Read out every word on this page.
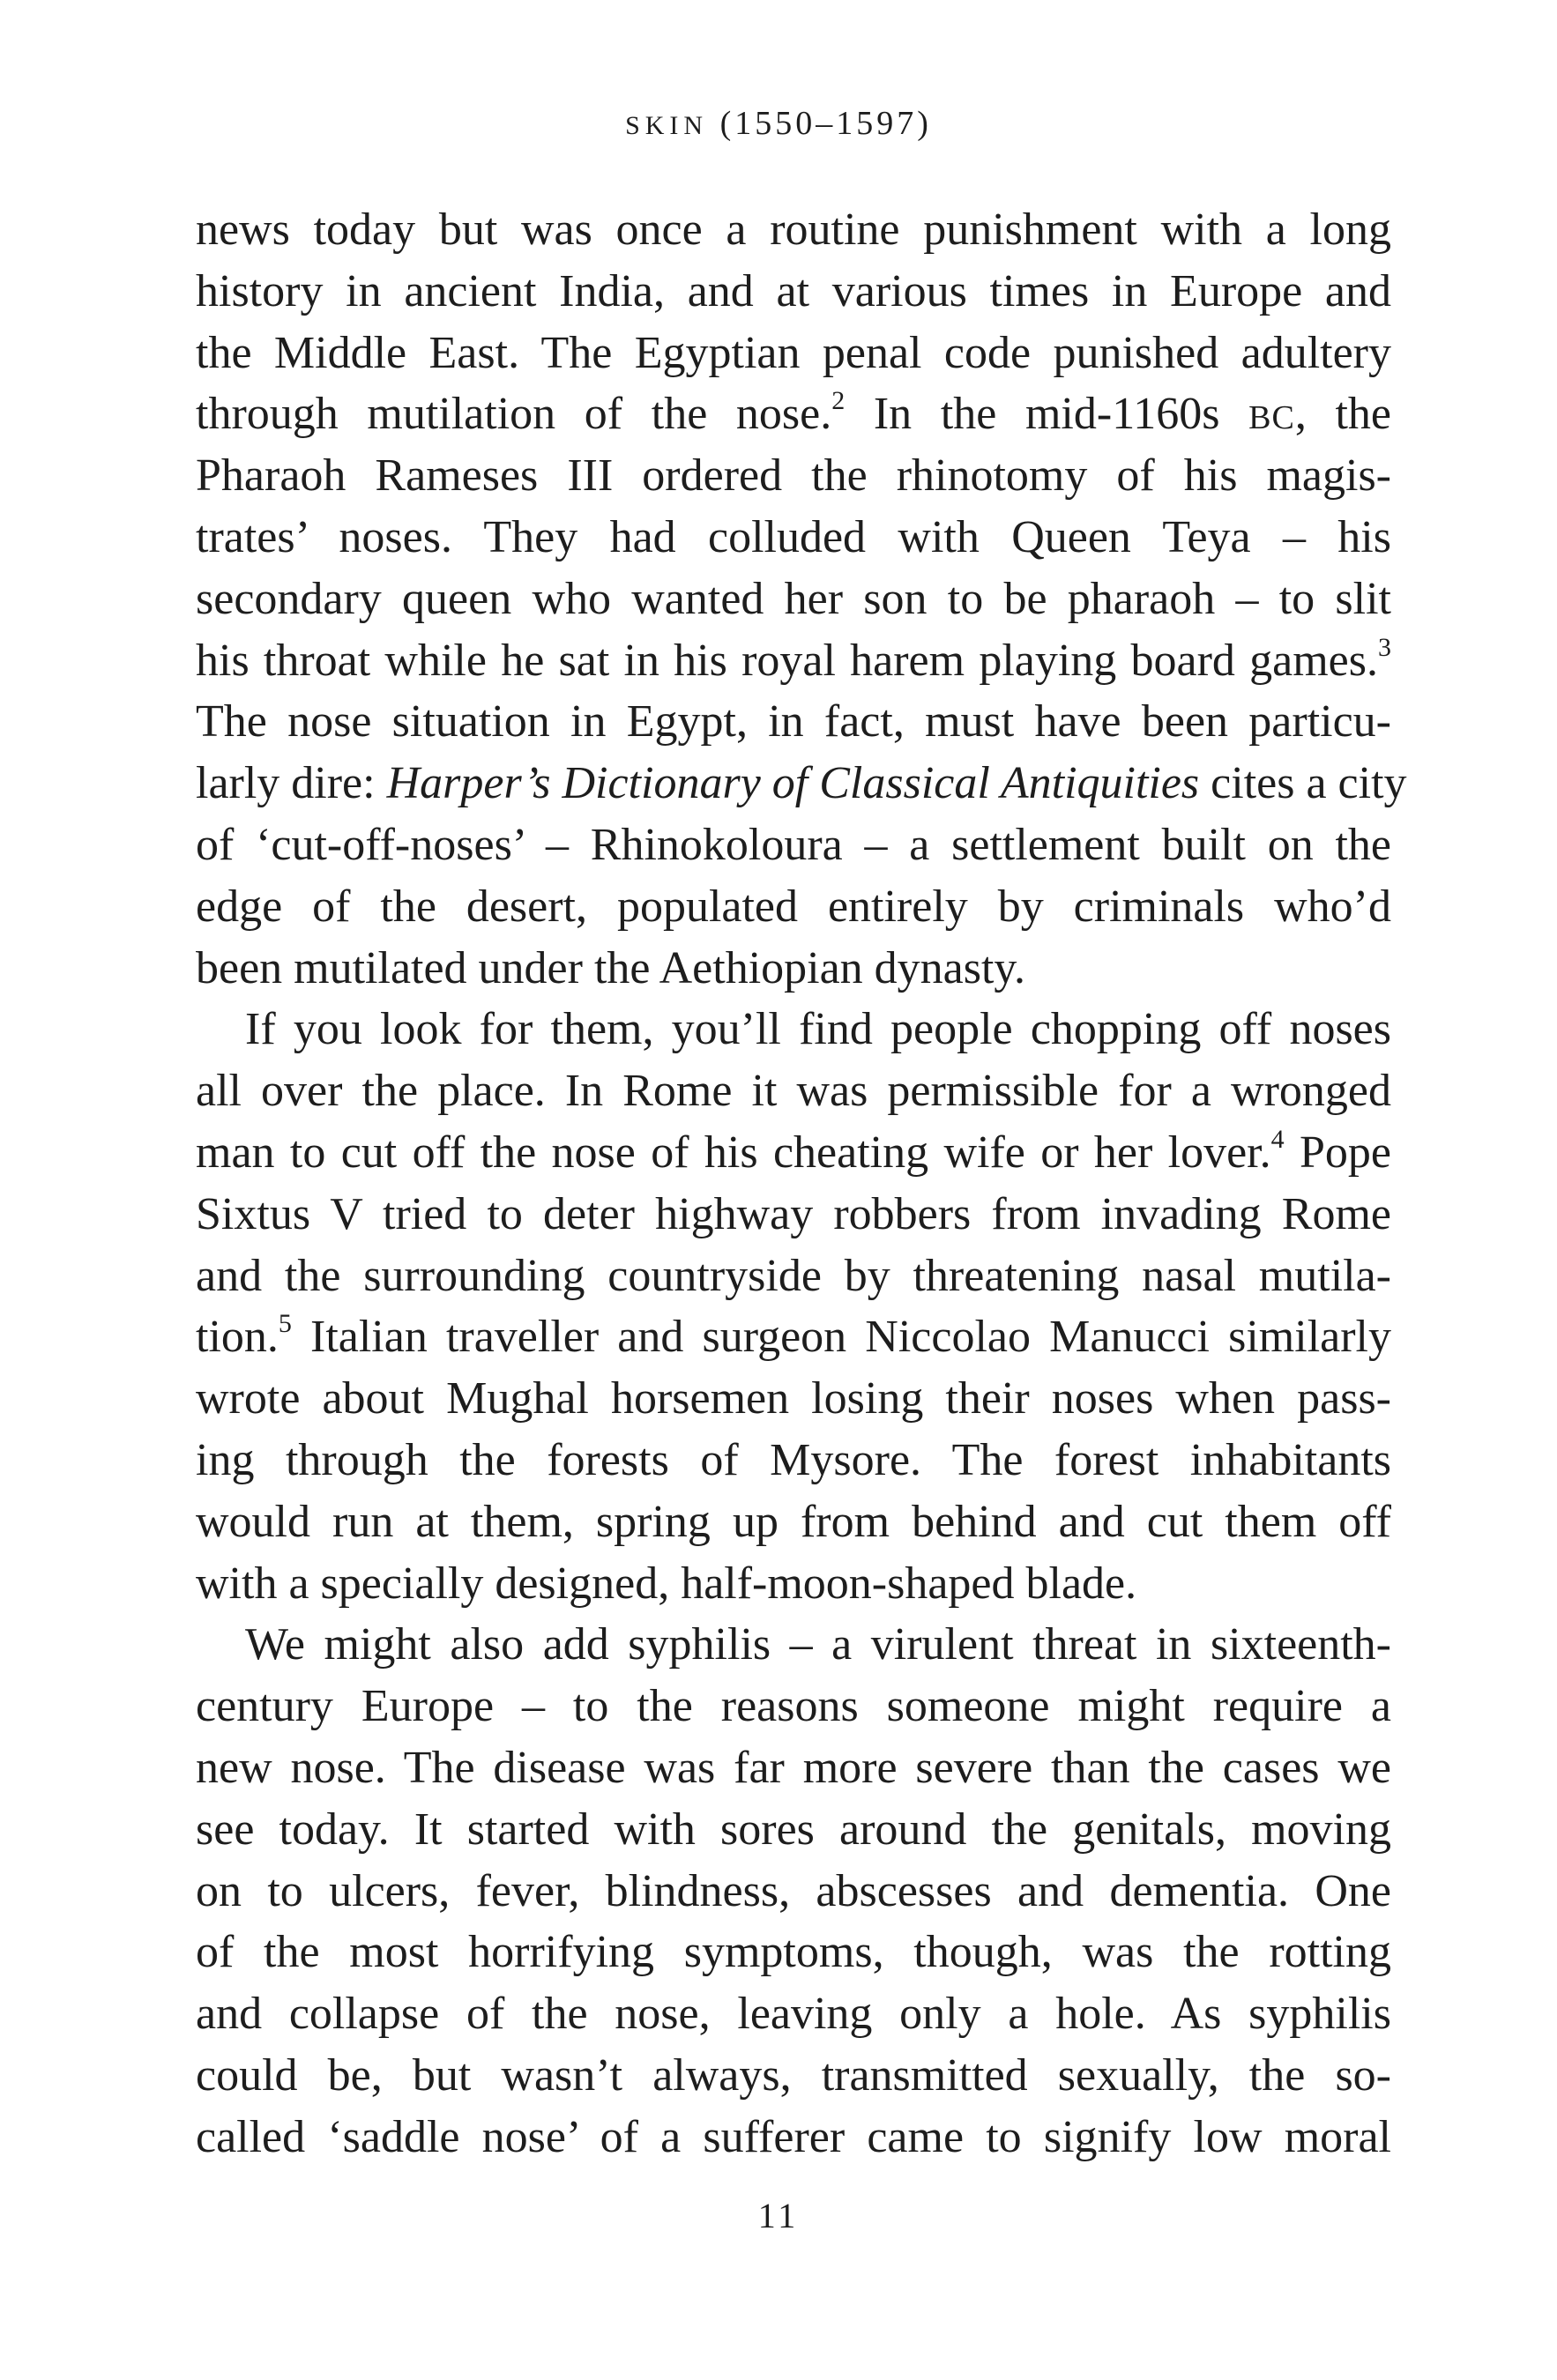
SKIN (1550–1597)
news today but was once a routine punishment with a long
history in ancient India, and at various times in Europe and
the Middle East. The Egyptian penal code punished adultery
through mutilation of the nose.$^2$ In the mid-1160s BC, the
Pharaoh Rameses III ordered the rhinotomy of his magis-
trates’ noses. They had colluded with Queen Teya – his
secondary queen who wanted her son to be pharaoh – to slit
his throat while he sat in his royal harem playing board games.$^3$
The nose situation in Egypt, in fact, must have been particu-
larly dire: Harper’s Dictionary of Classical Antiquities cites a city
of ‘cut-off-noses’ – Rhinokoloura – a settlement built on the
edge of the desert, populated entirely by criminals who’d
been mutilated under the Aethiopian dynasty.
If you look for them, you’ll find people chopping off noses
all over the place. In Rome it was permissible for a wronged
man to cut off the nose of his cheating wife or her lover.$^4$ Pope
Sixtus V tried to deter highway robbers from invading Rome
and the surrounding countryside by threatening nasal mutila-
tion.$^5$ Italian traveller and surgeon Niccolao Manucci similarly
wrote about Mughal horsemen losing their noses when pass-
ing through the forests of Mysore. The forest inhabitants
would run at them, spring up from behind and cut them off
with a specially designed, half-moon-shaped blade.
We might also add syphilis – a virulent threat in sixteenth-
century Europe – to the reasons someone might require a
new nose. The disease was far more severe than the cases we
see today. It started with sores around the genitals, moving
on to ulcers, fever, blindness, abscesses and dementia. One
of the most horrifying symptoms, though, was the rotting
and collapse of the nose, leaving only a hole. As syphilis
could be, but wasn’t always, transmitted sexually, the so-
called ‘saddle nose’ of a sufferer came to signify low moral
11
